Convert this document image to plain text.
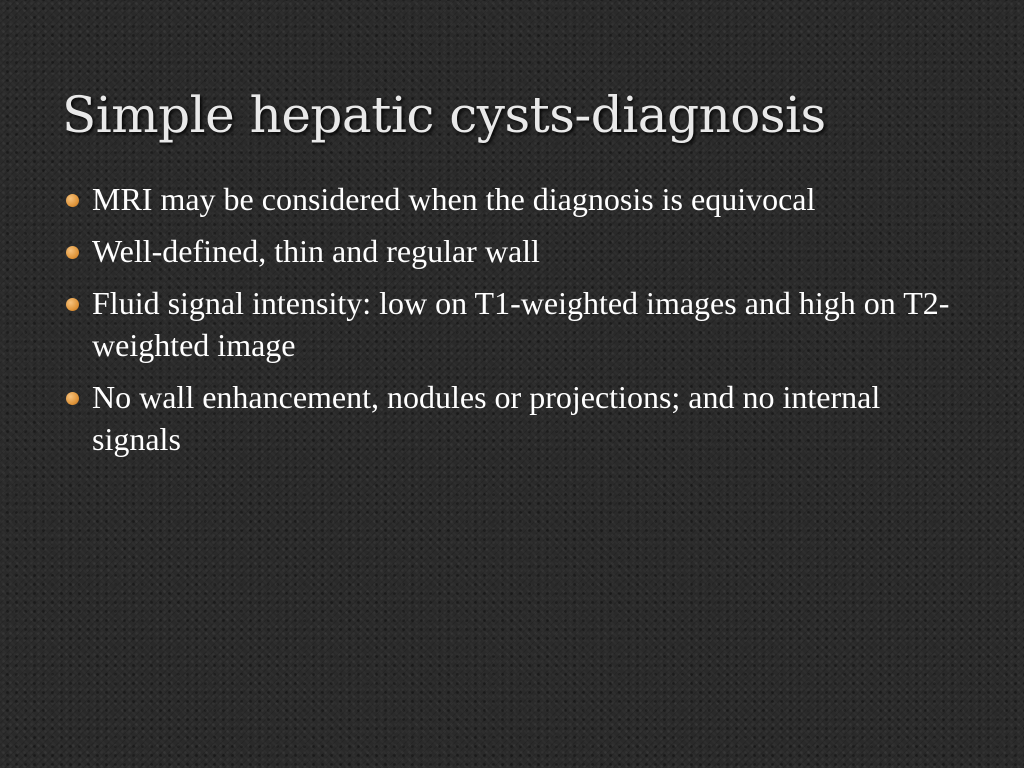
Simple hepatic cysts-diagnosis
MRI may be considered when the diagnosis is equivocal
Well-defined, thin and regular wall
Fluid signal intensity: low on T1-weighted images and high on T2-weighted image
No wall enhancement, nodules or projections; and no internal signals
